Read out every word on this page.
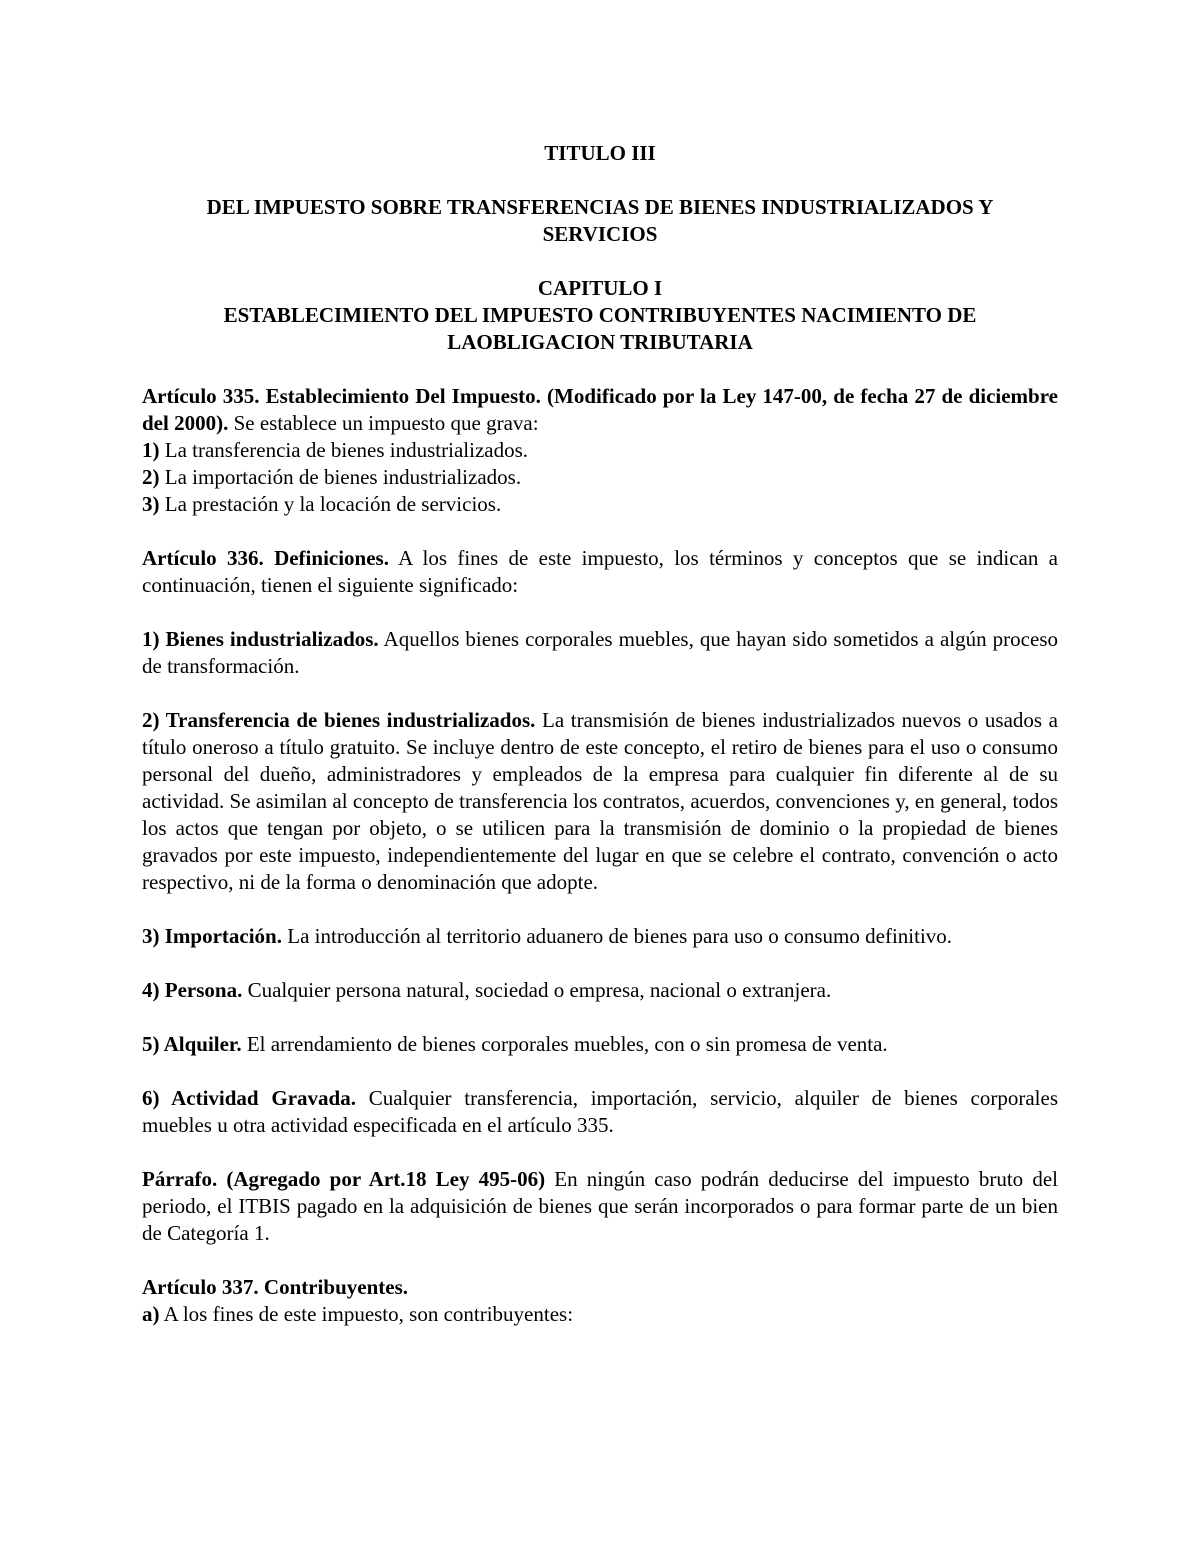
TITULO III

DEL IMPUESTO SOBRE TRANSFERENCIAS DE BIENES INDUSTRIALIZADOS Y

SERVICIOS

CAPITULO I

ESTABLECIMIENTO DEL IMPUESTO CONTRIBUYENTES NACIMIENTO DE

LAOBLIGACION TRIBUTARIA

Artículo 335. Establecimiento Del Impuesto. (Modificado por la Ley 147-00, de fecha 27 de diciembre del 2000). Se establece un impuesto que grava:

1) La transferencia de bienes industrializados.

2) La importación de bienes industrializados.

3) La prestación y la locación de servicios.

Artículo 336. Definiciones. A los fines de este impuesto, los términos y conceptos que se indican a continuación, tienen el siguiente significado:

1) Bienes industrializados. Aquellos bienes corporales muebles, que hayan sido sometidos a algún proceso de transformación.

2) Transferencia de bienes industrializados. La transmisión de bienes industrializados nuevos o usados a título oneroso a título gratuito. Se incluye dentro de este concepto, el retiro de bienes para el uso o consumo personal del dueño, administradores y empleados de la empresa para cualquier fin diferente al de su actividad. Se asimilan al concepto de transferencia los contratos, acuerdos, convenciones y, en general, todos los actos que tengan por objeto, o se utilicen para la transmisión de dominio o la propiedad de bienes gravados por este impuesto, independientemente del lugar en que se celebre el contrato, convención o acto respectivo, ni de la forma o denominación que adopte.

3) Importación. La introducción al territorio aduanero de bienes para uso o consumo definitivo.

4) Persona. Cualquier persona natural, sociedad o empresa, nacional o extranjera.

5) Alquiler. El arrendamiento de bienes corporales muebles, con o sin promesa de venta.

6) Actividad Gravada. Cualquier transferencia, importación, servicio, alquiler de bienes corporales muebles u otra actividad especificada en el artículo 335.

Párrafo. (Agregado por Art.18 Ley 495-06) En ningún caso podrán deducirse del impuesto bruto del periodo, el ITBIS pagado en la adquisición de bienes que serán incorporados o para formar parte de un bien de Categoría 1.

Artículo 337. Contribuyentes.

a) A los fines de este impuesto, son contribuyentes:
